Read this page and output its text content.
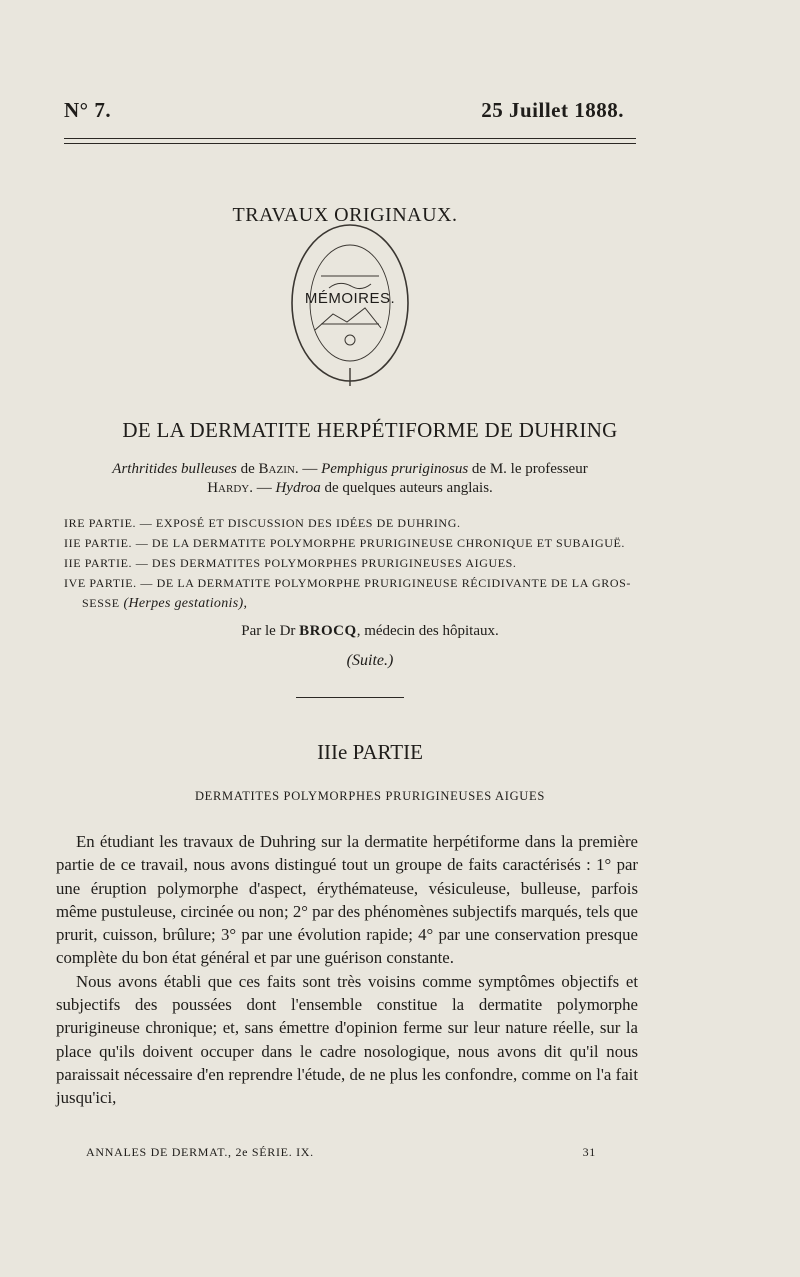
N° 7.	25 Juillet 1888.
TRAVAUX ORIGINAUX.
MÉMOIRES.
DE LA DERMATITE HERPÉTIFORME DE DUHRING
Arthritides bulleuses de Bazin. — Pemphigus pruriginosus de M. le professeur
Hardy. — Hydroa de quelques auteurs anglais.
IRE PARTIE. — EXPOSÉ ET DISCUSSION DES IDÉES DE DUHRING.
IIE PARTIE. — DE LA DERMATITE POLYMORPHE PRURIGINEUSE CHRONIQUE ET SUBAIGUË.
IIE PARTIE. — DES DERMATITES POLYMORPHES PRURIGINEUSES AIGUES.
IVE PARTIE. — DE LA DERMATITE POLYMORPHE PRURIGINEUSE RÉCIDIVANTE DE LA GROS-
SESSE (Herpes gestationis),
Par le Dr BROCQ, médecin des hôpitaux.
(Suite.)
IIIe PARTIE
DERMATITES POLYMORPHES PRURIGINEUSES AIGUES

En étudiant les travaux de Duhring sur la dermatite herpétiforme dans la première partie de ce travail, nous avons distingué tout un groupe de faits caractérisés : 1° par une éruption polymorphe d'aspect, érythémateuse, vésiculeuse, bulleuse, parfois même pustuleuse, circinée ou non; 2° par des phénomènes subjectifs marqués, tels que prurit, cuisson, brûlure; 3° par une évolution rapide; 4° par une conservation presque complète du bon état général et par une guérison constante.

Nous avons établi que ces faits sont très voisins comme symptômes objectifs et subjectifs des poussées dont l'ensemble constitue la dermatite polymorphe prurigineuse chronique; et, sans émettre d'opinion ferme sur leur nature réelle, sur la place qu'ils doivent occuper dans le cadre nosologique, nous avons dit qu'il nous paraissait nécessaire d'en reprendre l'étude, de ne plus les confondre, comme on l'a fait jusqu'ici,

ANNALES DE DERMAT., 2e SÉRIE. IX.	31
